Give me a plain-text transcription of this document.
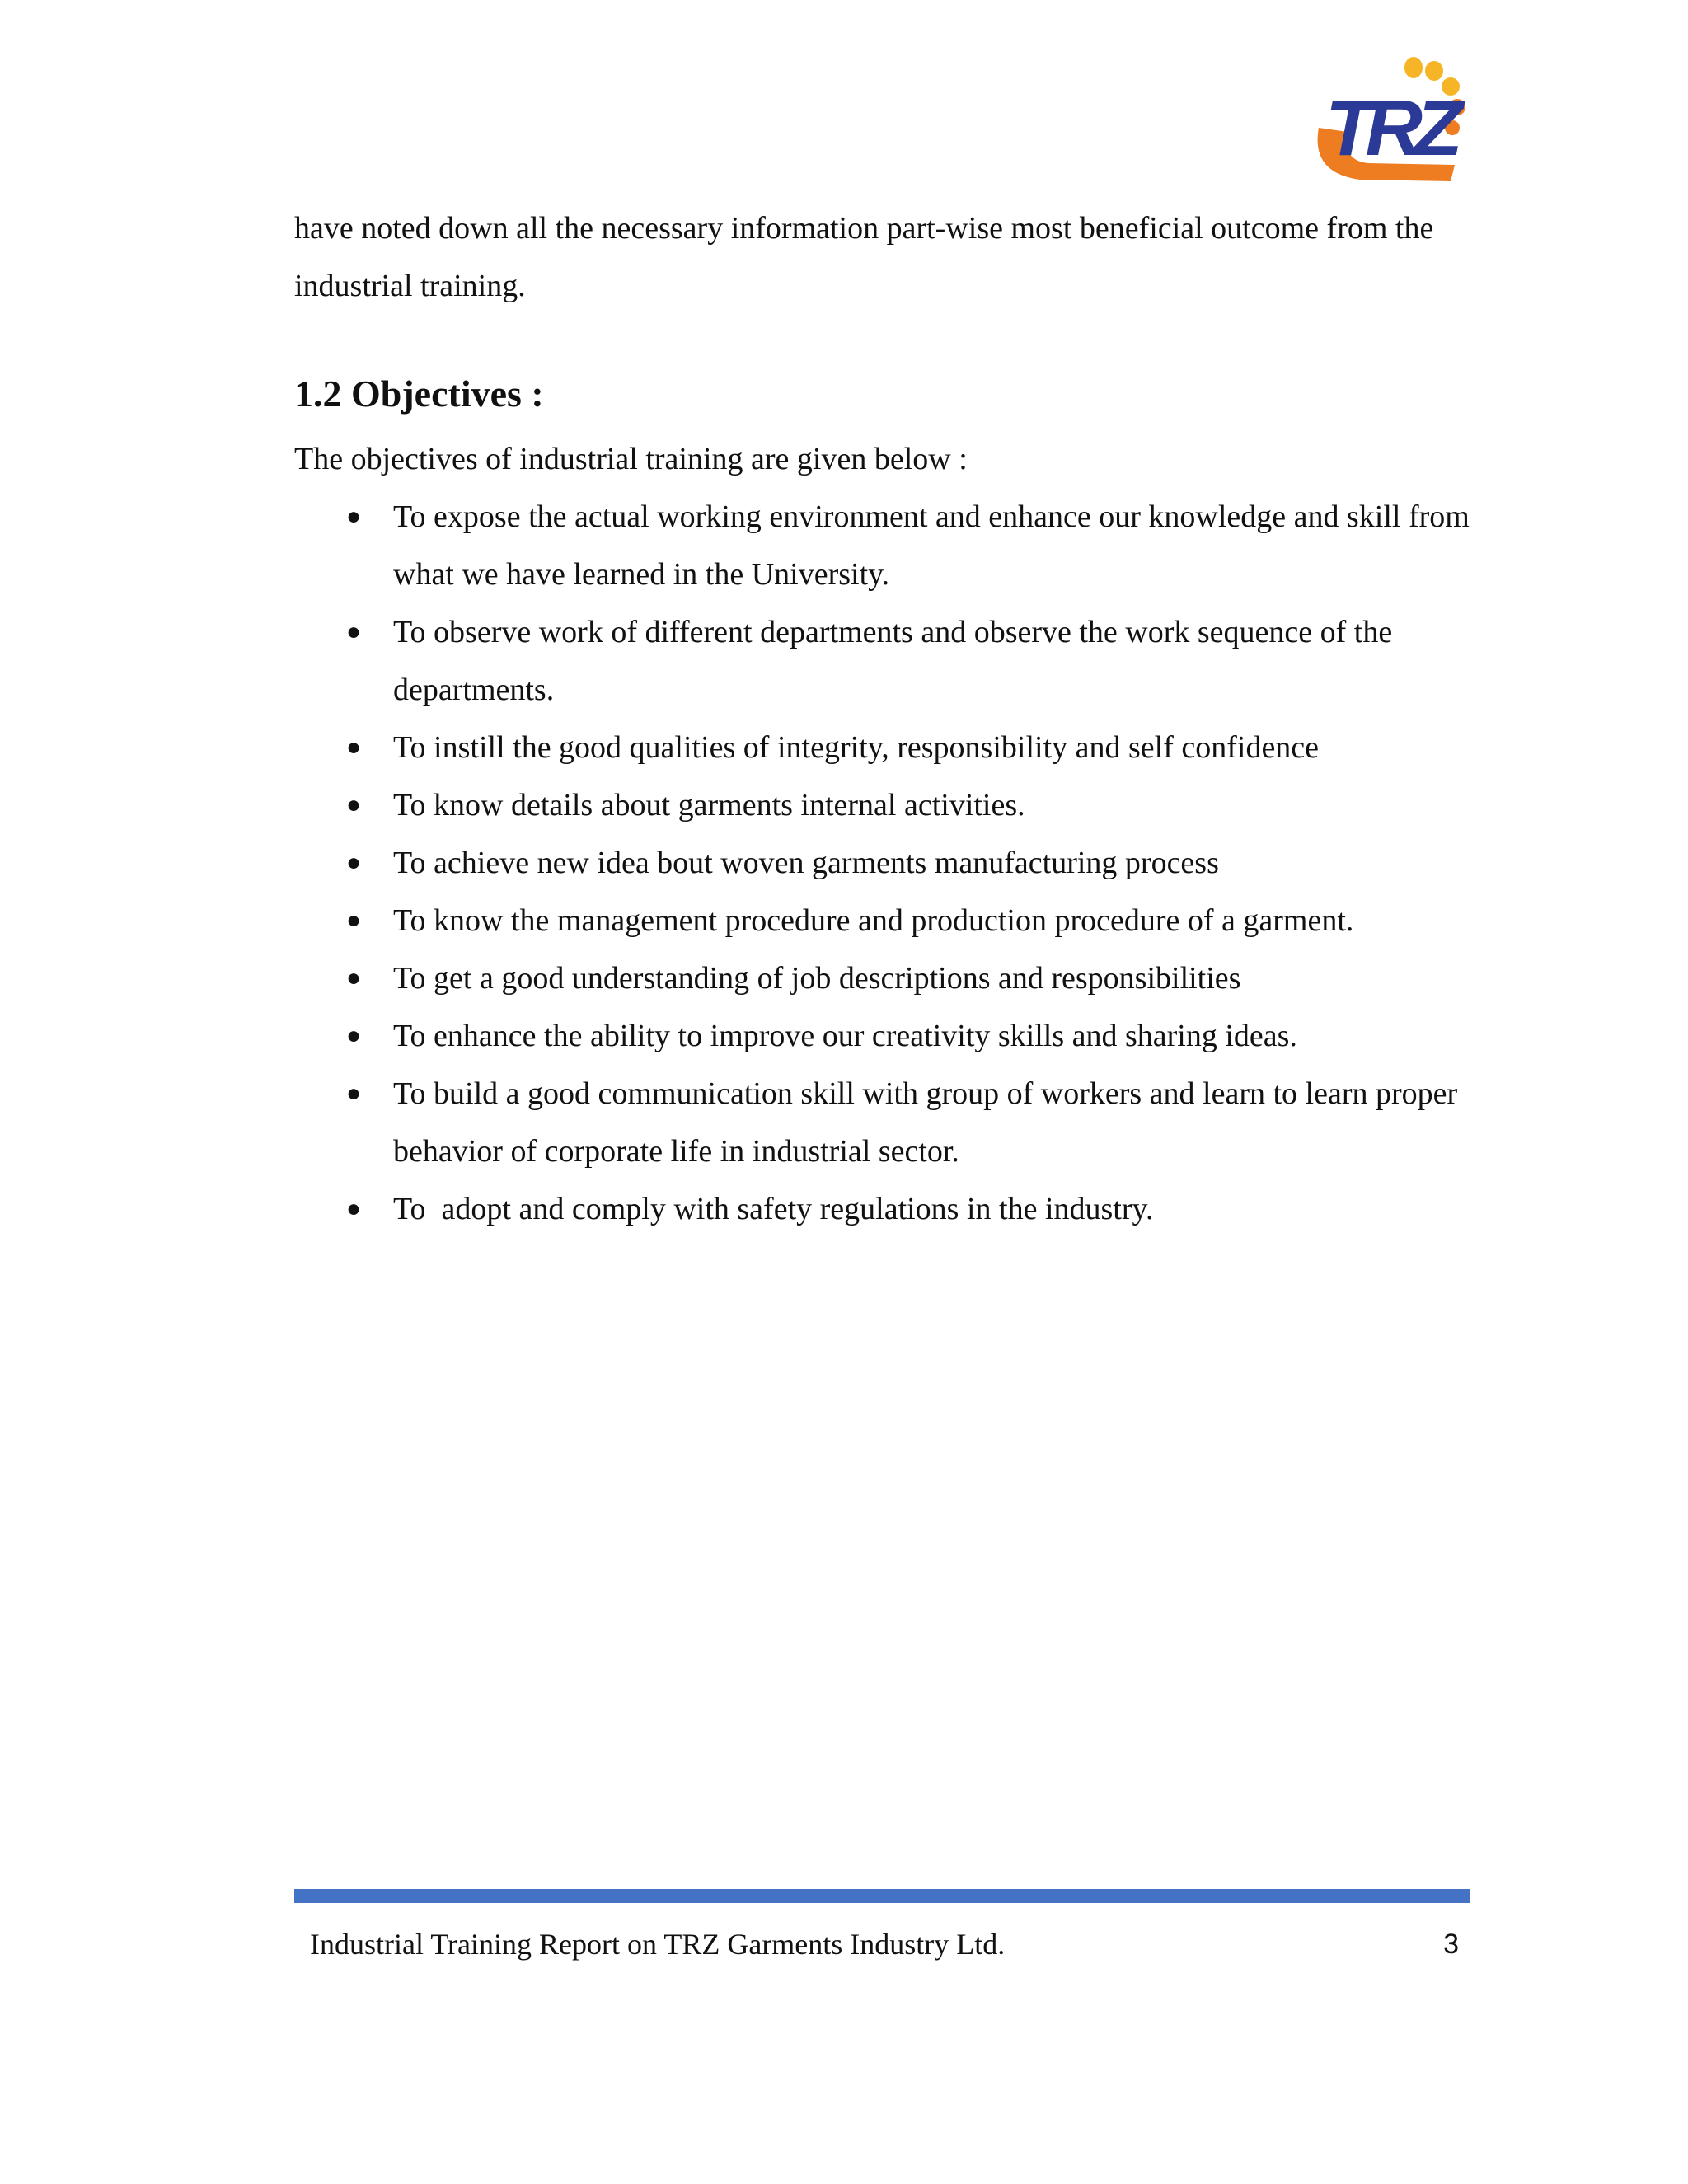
TRZ

have noted down all the necessary information part-wise most beneficial outcome from the industrial training.

1.2 Objectives :

The objectives of industrial training are given below :

● To expose the actual working environment and enhance our knowledge and skill from what we have learned in the University.
● To observe work of different departments and observe the work sequence of the departments.
● To instill the good qualities of integrity, responsibility and self confidence
● To know details about garments internal activities.
● To achieve new idea bout woven garments manufacturing process
● To know the management procedure and production procedure of a garment.
● To get a good understanding of job descriptions and responsibilities
● To enhance the ability to improve our creativity skills and sharing ideas.
● To build a good communication skill with group of workers and learn to learn proper behavior of corporate life in industrial sector.
● To  adopt and comply with safety regulations in the industry.
Industrial Training Report on TRZ Garments Industry Ltd.	3
